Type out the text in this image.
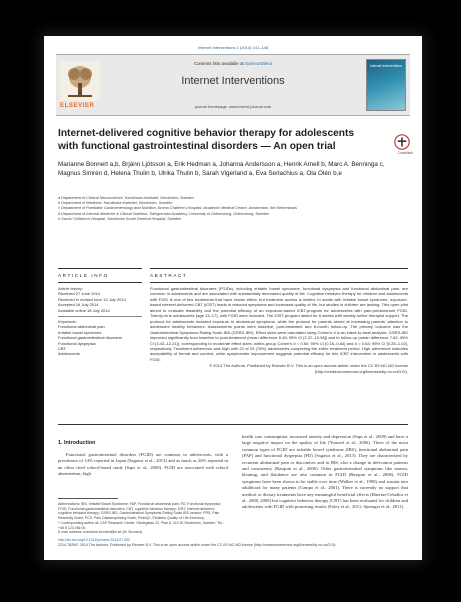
Internet Interventions 1 (2014) 141–148
ELSEVIER
Contents lists available at ScienceDirect
Internet Interventions
journal homepage: www.invent-journal.com
Internet Interventions
Internet-delivered cognitive behavior therapy for adolescents with functional gastrointestinal disorders — An open trial
CrossMark
Marianne Bonnert a,b, Brjánn Ljótsson a, Erik Hedman a, Johanna Andersson a, Henrik Arnell b, Marc A. Benninga c, Magnus Simrén d, Helena Thulin b, Ulrika Thulin b, Sarah Vigerland a, Eva Serlachius a, Ola Olén b,e
a Department of Clinical Neuroscience, Karolinska Institutet, Stockholm, Sweden
b Department of Medicine, Karolinska Institutet, Stockholm, Sweden
c Department of Paediatric Gastroenterology and Nutrition, Emma Children's Hospital, Academic Medical Centre, Amsterdam, the Netherlands
d Department of Internal Medicine & Clinical Nutrition, Sahlgrenska Academy, University of Gothenburg, Gothenburg, Sweden
e Sachs' Children's Hospital, Stockholm South General Hospital, Sweden
ARTICLE INFO	ABSTRACT
Article history:
Received 27 June 2014
Received in revised form 13 July 2014
Accepted 16 July 2014
Available online 18 July 2014
Keywords:
Functional abdominal pain
Irritable bowel syndrome
Functional gastrointestinal disorders
Functional dyspepsia
CBT
Adolescents

Functional gastrointestinal disorders (FGIDs), including irritable bowel syndrome, functional dyspepsia and functional abdominal pain, are common in adolescents and are associated with substantially decreased quality of life. Cognitive behavior therapy for children and adolescents with FGID is one of few treatments that have shown effect, but treatment access is limited. In adults with irritable bowel syndrome, exposure-based internet-delivered CBT (ICBT) leads to reduced symptoms and increased quality of life, but studies in children are lacking. This open pilot aimed to evaluate feasibility and the potential efficacy of an exposure-based ICBT-program for adolescents with pain-predominant FGID. Twenty-nine adolescents (age 13–17), with FGID were included. The ICBT-program lasted for 8 weeks with weekly online therapist support. The protocol for adolescents included exposure to abdominal symptoms, while the protocol for parents aimed at increasing parents' attention to adolescent healthy behaviors. Assessments points were baseline, post-treatment and 6-month follow-up. The primary outcome was the Gastrointestinal Symptoms Rating Scale-IBS (GSRS-IBS). Effect sizes were calculated using Cohen's d in an intent-to-treat analysis. GSRS-IBS improved significantly from baseline to post-treatment (mean difference 6.48; 95% CI [2.37–10.58]) and to follow-up (mean difference 7.82; 95% CI [3.43–12.21]), corresponding to moderate effect sizes: within-group Cohen's d = 0.50; 95% CI [0.16–0.84] and d = 0.63; 95% CI [0.28–1.02], respectively. Treatment adherence was high with 22 of 29 (76%) adolescents completing the entire treatment period. High adherence indicates acceptability of format and content, while symptomatic improvement suggests potential efficacy for this ICBT intervention in adolescents with FGID.

© 2014 The Authors. Published by Elsevier B.V. This is an open access article under the CC BY-NC-ND license (http://creativecommons.org/licenses/by-nc-nd/3.0/).

1. Introduction

Functional gastrointestinal disorders (FGID) are common in adolescents, with a prevalence of 14% reported in Japan (Sagawa et al., 2013) and as much as 26% reported in an often cited school-based study (Saps et al., 2009). FGID are associated with school absenteeism, high

health care consumption, increased anxiety and depression (Saps et al., 2009) and have a large negative impact on the quality of life (Youssef et al., 2006). Three of the most common types of FGID are irritable bowel syndrome (IBS), functional abdominal pain (FAP) and functional dyspepsia (FD) (Sagawa et al., 2013). They are characterized by recurrent abdominal pain or discomfort and in IBS, also a change in defecation patterns and consistency (Rasquin et al., 2006). Other gastrointestinal symptoms like nausea, bloating, and flatulence are also common in FGID (Rasquin et al., 2006). FGID symptoms have been shown to be stable over time (Walker et al., 1998) and sustain into adulthood for many patients (Campo et al., 2001). There is currently no support that medical or dietary treatments have any meaningful beneficial effects (Huertas-Ceballos et al., 2008, 2009) but cognitive behavior therapy (CBT) has been evaluated for children and adolescents with FGID with promising results (Foley et al., 2011; Sprenger et al., 2011).

Abbreviations: IBS, Irritable Bowel Syndrome; FAP, Functional abdominal pain; FD, Functional dyspepsia; FGID, Functional gastrointestinal disorders; CBT, cognitive behavior therapy; ICBT, Internet-delivered cognitive behavior therapy; GSRS-IBS, Gastrointestinal Symptoms Rating Scale-IBS version; PRS, Pain Reactivity Scale; PCS, Pain Catastrophizing Scale; PedsQL, Pediatric Quality of Life Inventory.
* Corresponding author at: CAP Research Center, Gävlegatan 22, Plan 8, 113 30 Stockholm, Sweden. Tel.: +46 8 123 456 00.
E-mail address: marianne.bonnert@ki.se (M. Bonnert).
http://dx.doi.org/10.1016/j.invent.2014.07.002
2214-7829/© 2014 The Authors. Published by Elsevier B.V. This is an open access article under the CC BY-NC-ND license (http://creativecommons.org/licenses/by-nc-nd/3.0/).
